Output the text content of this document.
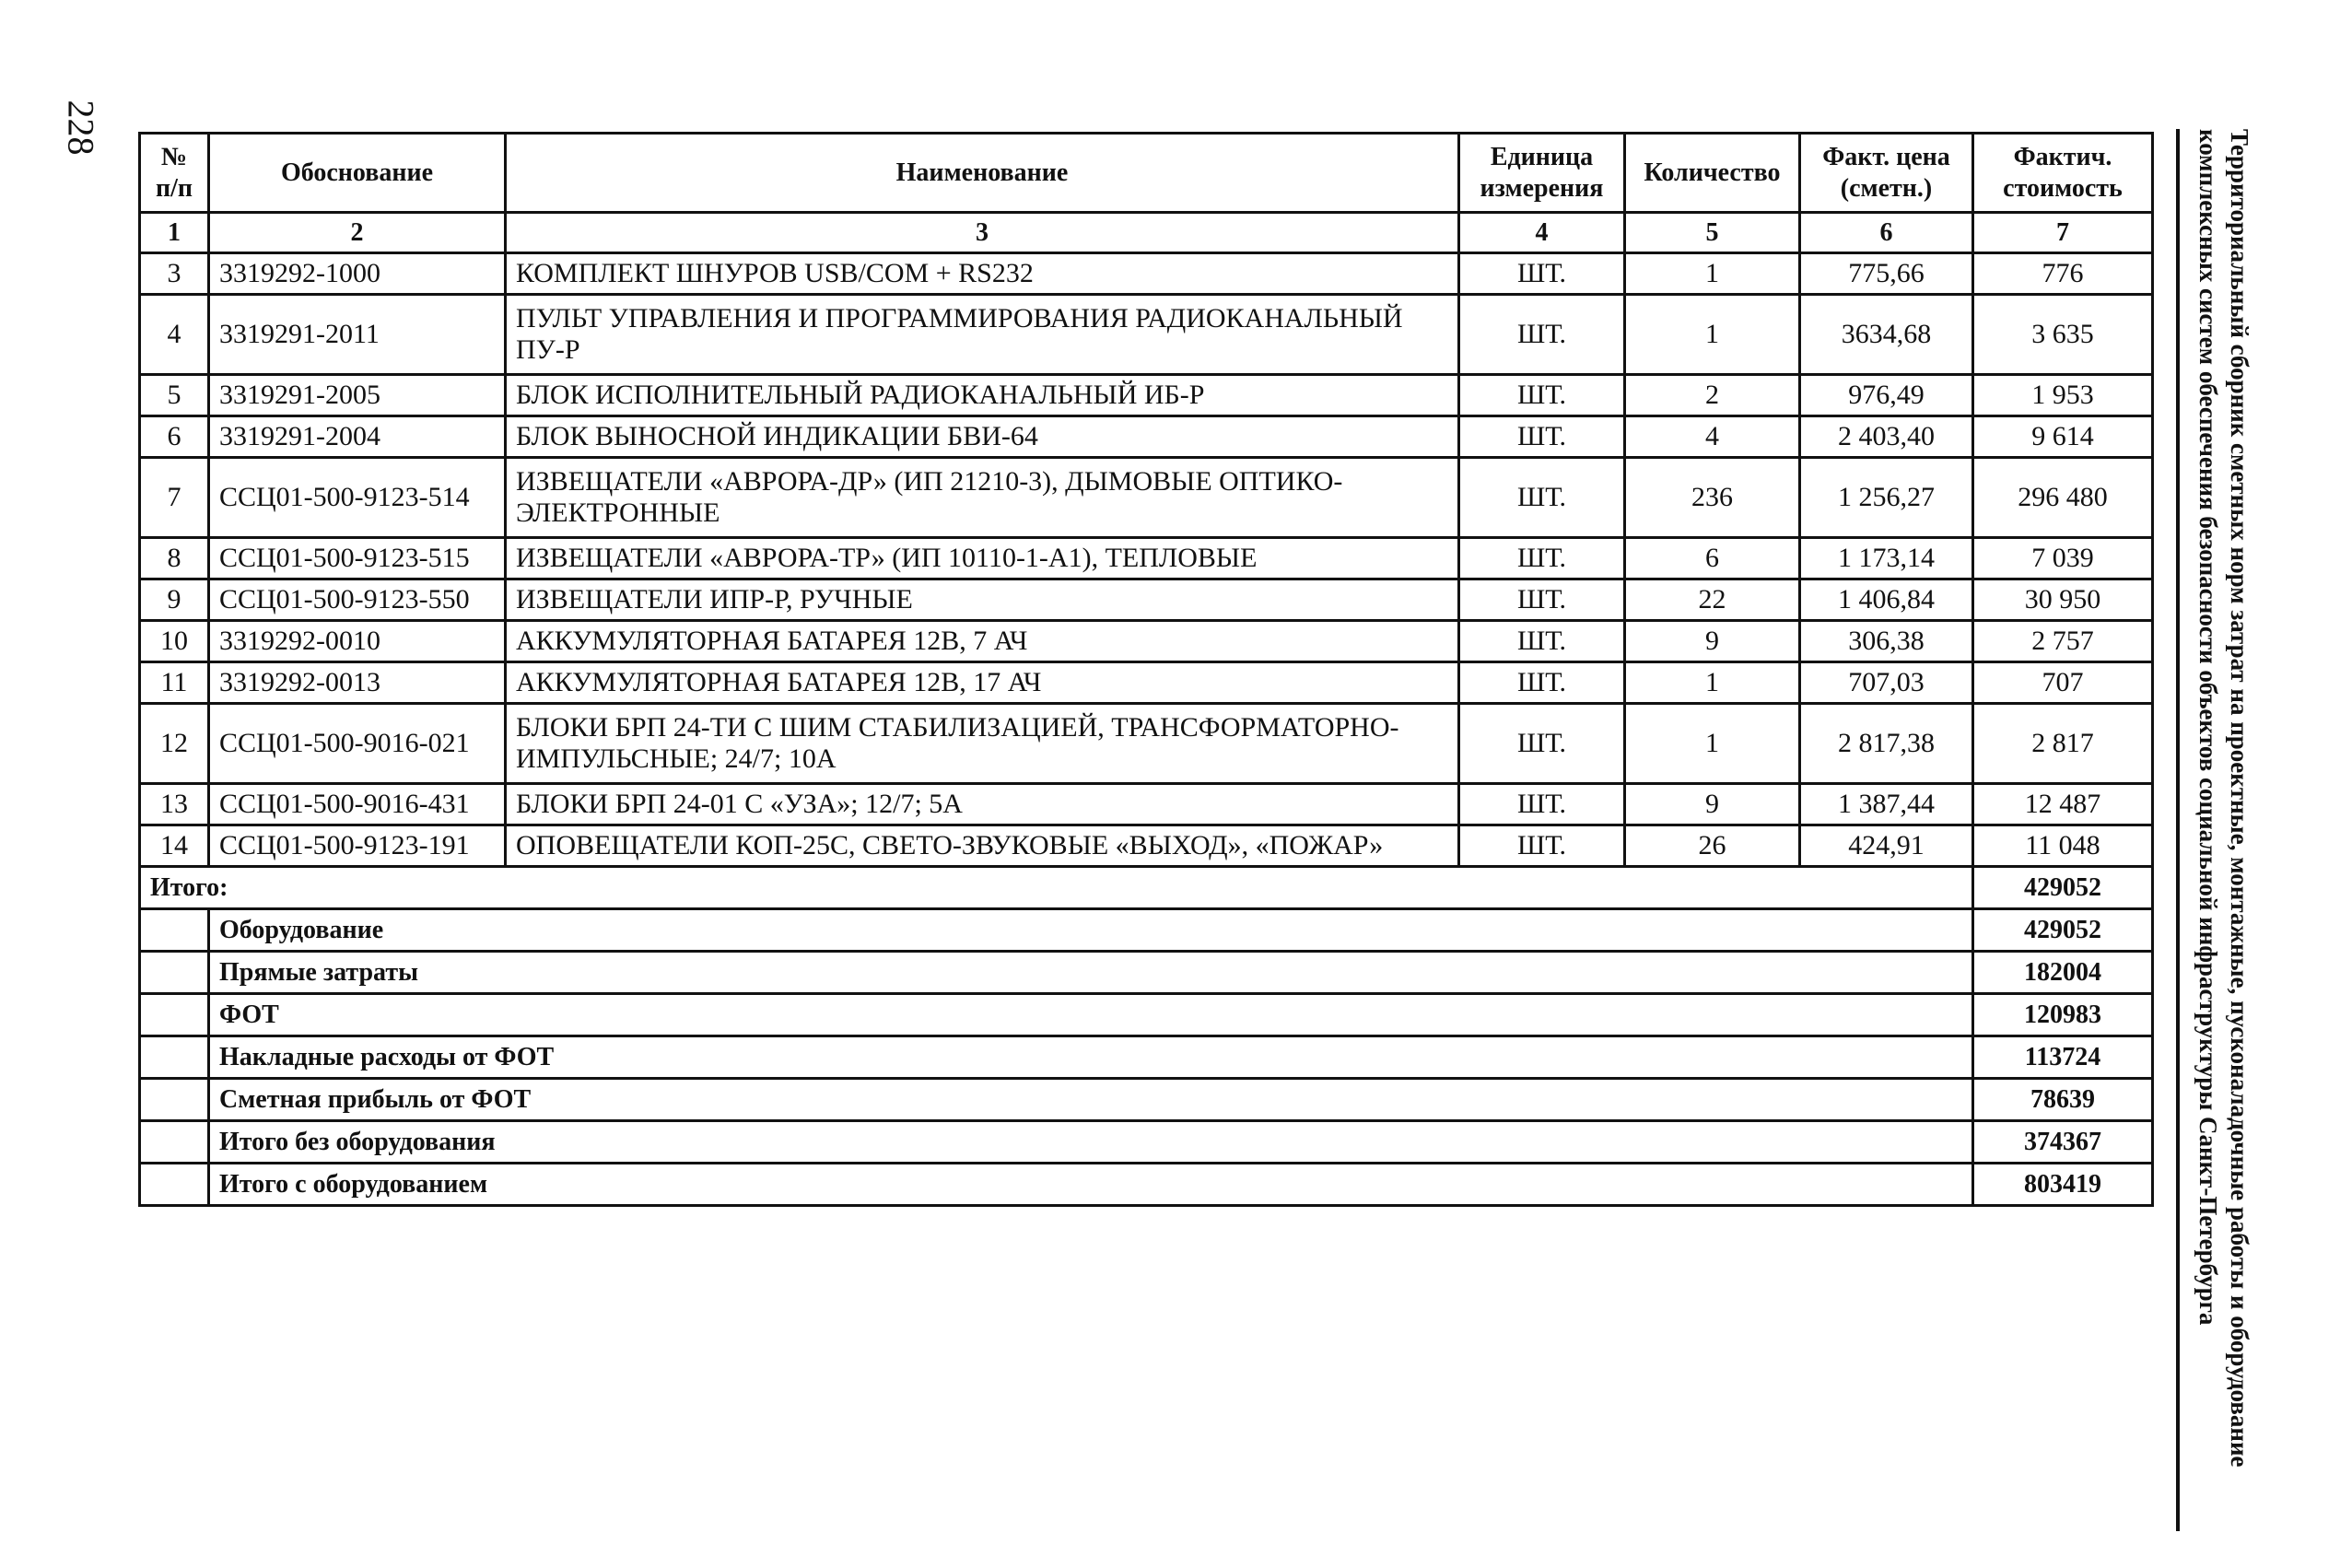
228
Территориальный сборник сметных норм затрат на проектные, монтажные, пусконаладочные работы и оборудование
комплексных систем обеспечения безопасности объектов социальной инфраструктуры Санкт-Петербурга
№ п/п	Обоснование	Наименование	Единица измерения	Количество	Факт. цена (сметн.)	Фактич. стоимость
1	2	3	4	5	6	7
3	3319292-1000	КОМПЛЕКТ ШНУРОВ USB/COM + RS232	ШТ.	1	775,66	776
4	3319291-2011	ПУЛЬТ УПРАВЛЕНИЯ И ПРОГРАММИРОВАНИЯ РАДИОКАНАЛЬНЫЙ ПУ-Р	ШТ.	1	3634,68	3 635
5	3319291-2005	БЛОК ИСПОЛНИТЕЛЬНЫЙ РАДИОКАНАЛЬНЫЙ ИБ-Р	ШТ.	2	976,49	1 953
6	3319291-2004	БЛОК ВЫНОСНОЙ ИНДИКАЦИИ БВИ-64	ШТ.	4	2 403,40	9 614
7	ССЦ01-500-9123-514	ИЗВЕЩАТЕЛИ «АВРОРА-ДР» (ИП 21210-3), ДЫМОВЫЕ ОПТИКО-ЭЛЕКТРОННЫЕ	ШТ.	236	1 256,27	296 480
8	ССЦ01-500-9123-515	ИЗВЕЩАТЕЛИ «АВРОРА-ТР» (ИП 10110-1-А1), ТЕПЛОВЫЕ	ШТ.	6	1 173,14	7 039
9	ССЦ01-500-9123-550	ИЗВЕЩАТЕЛИ ИПР-Р, РУЧНЫЕ	ШТ.	22	1 406,84	30 950
10	3319292-0010	АККУМУЛЯТОРНАЯ БАТАРЕЯ 12В, 7 АЧ	ШТ.	9	306,38	2 757
11	3319292-0013	АККУМУЛЯТОРНАЯ БАТАРЕЯ 12В, 17 АЧ	ШТ.	1	707,03	707
12	ССЦ01-500-9016-021	БЛОКИ БРП 24-ТИ С ШИМ СТАБИЛИЗАЦИЕЙ, ТРАНСФОРМАТОРНО-ИМПУЛЬСНЫЕ; 24/7; 10А	ШТ.	1	2 817,38	2 817
13	ССЦ01-500-9016-431	БЛОКИ БРП 24-01 С «УЗА»; 12/7; 5А	ШТ.	9	1 387,44	12 487
14	ССЦ01-500-9123-191	ОПОВЕЩАТЕЛИ КОП-25С, СВЕТО-ЗВУКОВЫЕ «ВЫХОД», «ПОЖАР»	ШТ.	26	424,91	11 048
Итого:						429052
	Оборудование					429052
	Прямые затраты					182004
	ФОТ					120983
	Накладные расходы от ФОТ					113724
	Сметная прибыль от ФОТ					78639
	Итого без оборудования					374367
	Итого с оборудованием					803419
